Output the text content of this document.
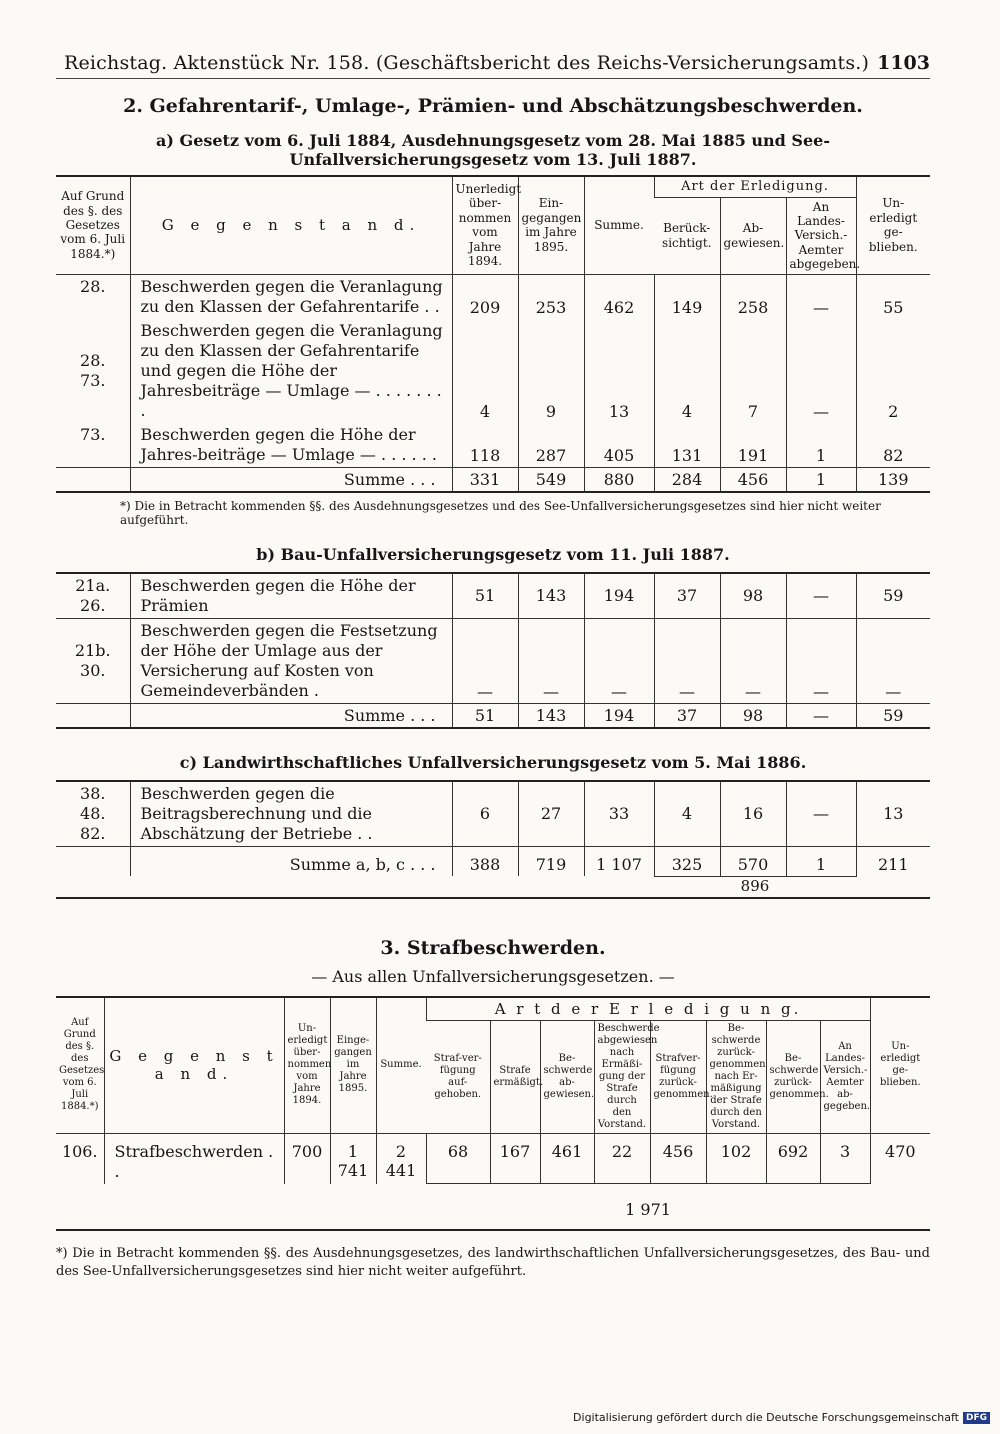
Reichstag. Aktenstück Nr. 158. (Geschäftsbericht des Reichs-Versicherungsamts.) 1103
2. Gefahrentarif-, Umlage-, Prämien- und Abschätzungsbeschwerden.
a) Gesetz vom 6. Juli 1884, Ausdehnungsgesetz vom 28. Mai 1885 und See-Unfallversicherungsgesetz vom 13. Juli 1887.
Auf Grund des §. des Gesetzes vom 6. Juli 1884.*)	G e g e n s t a n d.	Unerledigt über-nommen vom Jahre 1894.	Ein-gegangen im Jahre 1895.	Summe.	Art der Erledigung.			Un-erledigt ge-blieben.
					Berück-sichtigt.	Ab-gewiesen.	An Landes-Versich.-Aemter abgegeben.	
28.	Beschwerden gegen die Veranlagung zu den Klassen der Gefahrentarife . .	209	253	462	149	258	—	55
28.
73.	Beschwerden gegen die Veranlagung zu den Klassen der Gefahrentarife und gegen die Höhe der Jahresbeiträge — Umlage — . . . . . . . .	4	9	13	4	7	—	2
73.	Beschwerden gegen die Höhe der Jahres-beiträge — Umlage — . . . . . .	118	287	405	131	191	1	82
	Summe . . .	331	549	880	284	456	1	139
*) Die in Betracht kommenden §§. des Ausdehnungsgesetzes und des See-Unfallversicherungsgesetzes sind hier nicht weiter aufgeführt.
b) Bau-Unfallversicherungsgesetz vom 11. Juli 1887.
21a.
26.	Beschwerden gegen die Höhe der Prämien	51	143	194	37	98	—	59
21b.
30.	Beschwerden gegen die Festsetzung der Höhe der Umlage aus der Versicherung auf Kosten von Gemeindeverbänden .	—	—	—	—	—	—	—
	Summe . . .	51	143	194	37	98	—	59
c) Landwirthschaftliches Unfallversicherungsgesetz vom 5. Mai 1886.
38.
48.
82.	Beschwerden gegen die Beitragsberechnung und die Abschätzung der Betriebe . .	6	27	33	4	16	—	13
	Summe a, b, c . . .	388	719	1 107	325	570	1	211
					896			
3. Strafbeschwerden.
— Aus allen Unfallversicherungsgesetzen. —
Auf Grund des §. des Gesetzes vom 6. Juli 1884.*)	G e g e n s t a n d.	Un-erledigt über-nommen vom Jahre 1894.	Einge-gangen im Jahre 1895.	Summe.	A r t d e r E r l e d i g u n g.								Un-erledigt ge-blieben.
					Straf-ver-fügung auf-gehoben.	Strafe ermäßigt.	Be-schwerde ab-gewiesen.	Beschwerde abgewiesen nach Ermäßi-gung der Strafe durch den Vorstand.	Strafver-fügung zurück-genommen.	Be-schwerde zurück-genommen nach Er-mäßigung der Strafe durch den Vorstand.	Be-schwerde zurück-genommen.	An Landes-Versich.-Aemter ab-gegeben.	
106.	Strafbeschwerden . .	700	1 741	2 441	68	167	461	22	456	102	692	3	470
					1 971								
*) Die in Betracht kommenden §§. des Ausdehnungsgesetzes, des landwirthschaftlichen Unfallversicherungsgesetzes, des Bau- und des See-Unfallversicherungsgesetzes sind hier nicht weiter aufgeführt.
Digitalisierung gefördert durch die Deutsche Forschungsgemeinschaft DFG
